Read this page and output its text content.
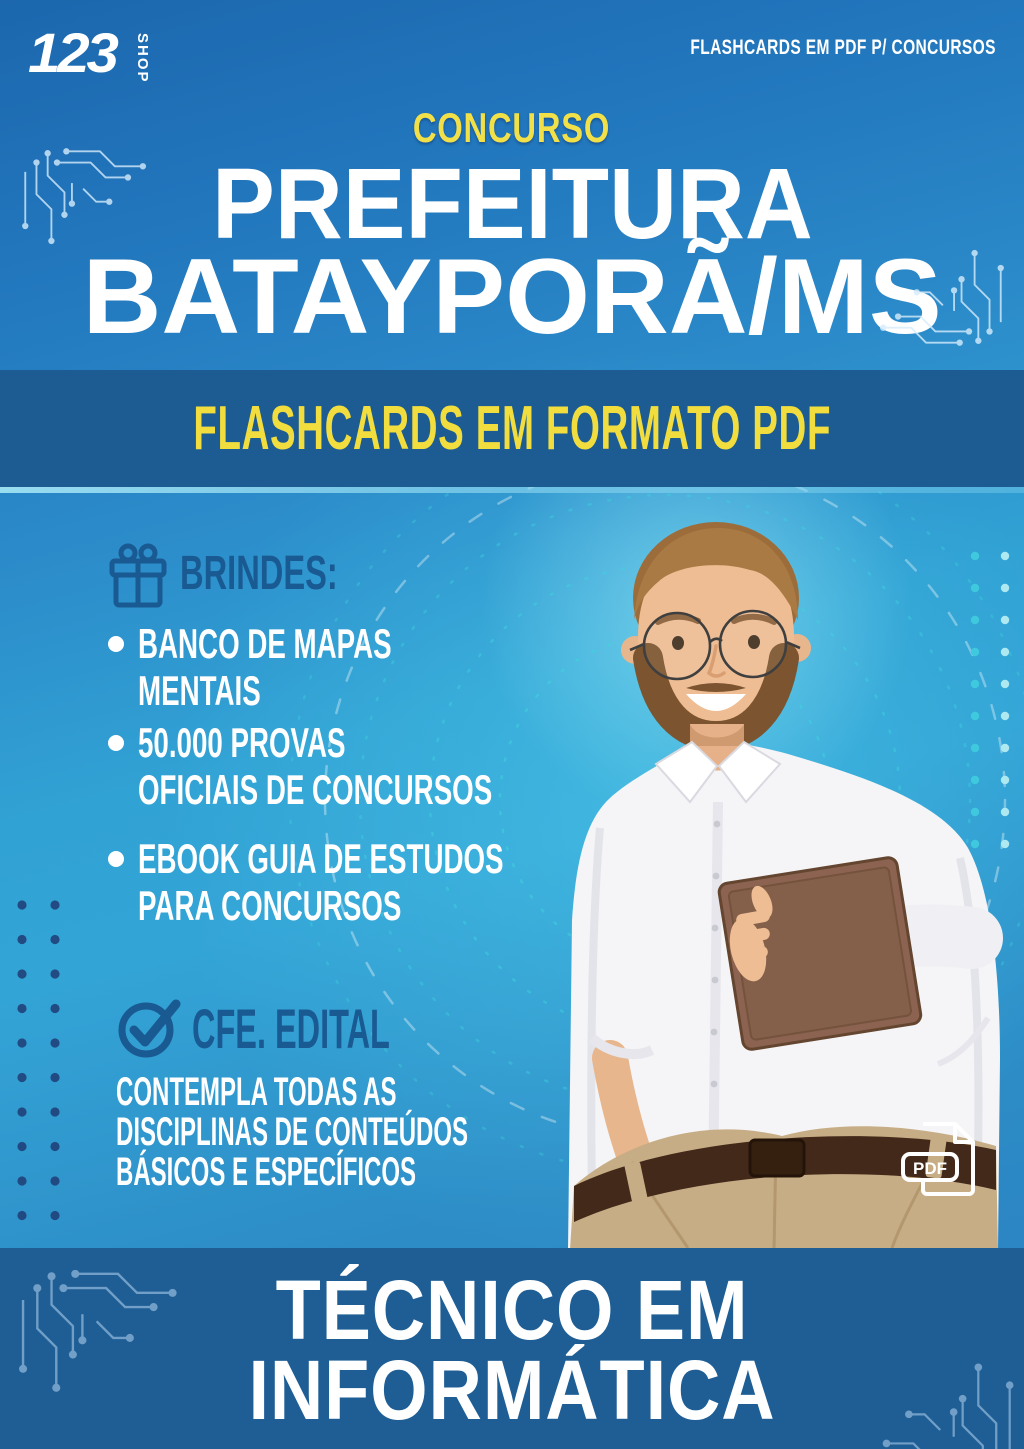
123 SHOP	FLASHCARDS EM PDF P/ CONCURSOS
CONCURSO
PREFEITURA
BATAYPORÃ/MS
FLASHCARDS EM FORMATO PDF
BRINDES:
BANCO DE MAPAS
MENTAIS
50.000 PROVAS
OFICIAIS DE CONCURSOS
EBOOK GUIA DE ESTUDOS
PARA CONCURSOS
CFE. EDITAL
CONTEMPLA TODAS AS
DISCIPLINAS DE CONTEÚDOS
BÁSICOS E ESPECÍFICOS	PDF
TÉCNICO EM
INFORMÁTICA
